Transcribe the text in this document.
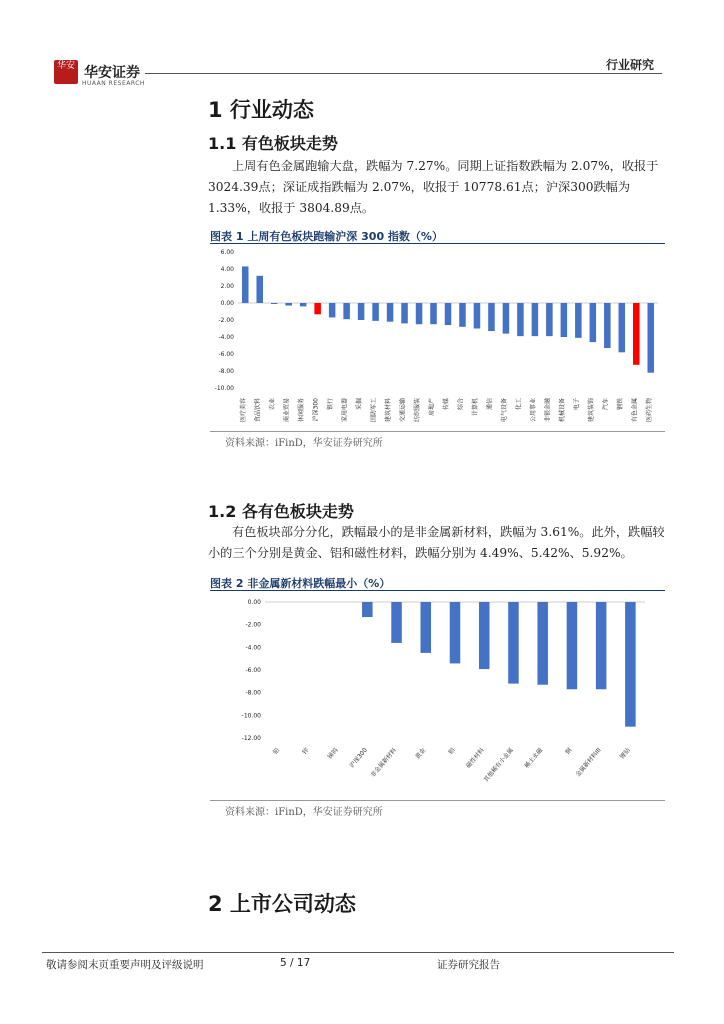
华安 华安证券
HUAAN RESEARCH
行业研究
1 行业动态
1.1 有色板块走势
上周有色金属跑输大盘，跌幅为 7.27%。同期上证指数跌幅为 2.07%，收报于 3024.39点；深证成指跌幅为 2.07%，收报于 10778.61点；沪深300跌幅为 1.33%，收报于 3804.89点。
图表 1 上周有色板块跑输沪深 300 指数（%）
6.00
4.00
2.00
0.00
-2.00
-4.00
-6.00
-8.00
-10.00
医疗美容 食品饮料 农业 商业贸易 休闲服务 沪深300 银行 家用电器 采掘 国防军工 建筑材料 交通运输 纺织服装 房地产 传媒 综合 计算机 通信 电气设备 化工 公用事业 非银金融 机械设备 电子 建筑装饰 汽车 钢铁 有色金属 医药生物
资料来源：iFinD，华安证券研究所
1.2 各有色板块走势
有色板块部分分化，跌幅最小的是非金属新材料，跌幅为 3.61%。此外，跌幅较小的三个分别是黄金、铝和磁性材料，跌幅分别为 4.49%、5.42%、5.92%。
图表 2 非金属新材料跌幅最小（%）
0.00
-2.00
-4.00
-6.00
-8.00
-10.00
-12.00
铅	锌	锑钨 沪深300 非金属新材料	黄金	铝 磁性材料
其他稀有小金属 稀土永磁	铜 金属新材料III	锂钴
资料来源：iFinD，华安证券研究所
2 上市公司动态
敬请参阅末页重要声明及评级说明	5 / 17	证券研究报告
